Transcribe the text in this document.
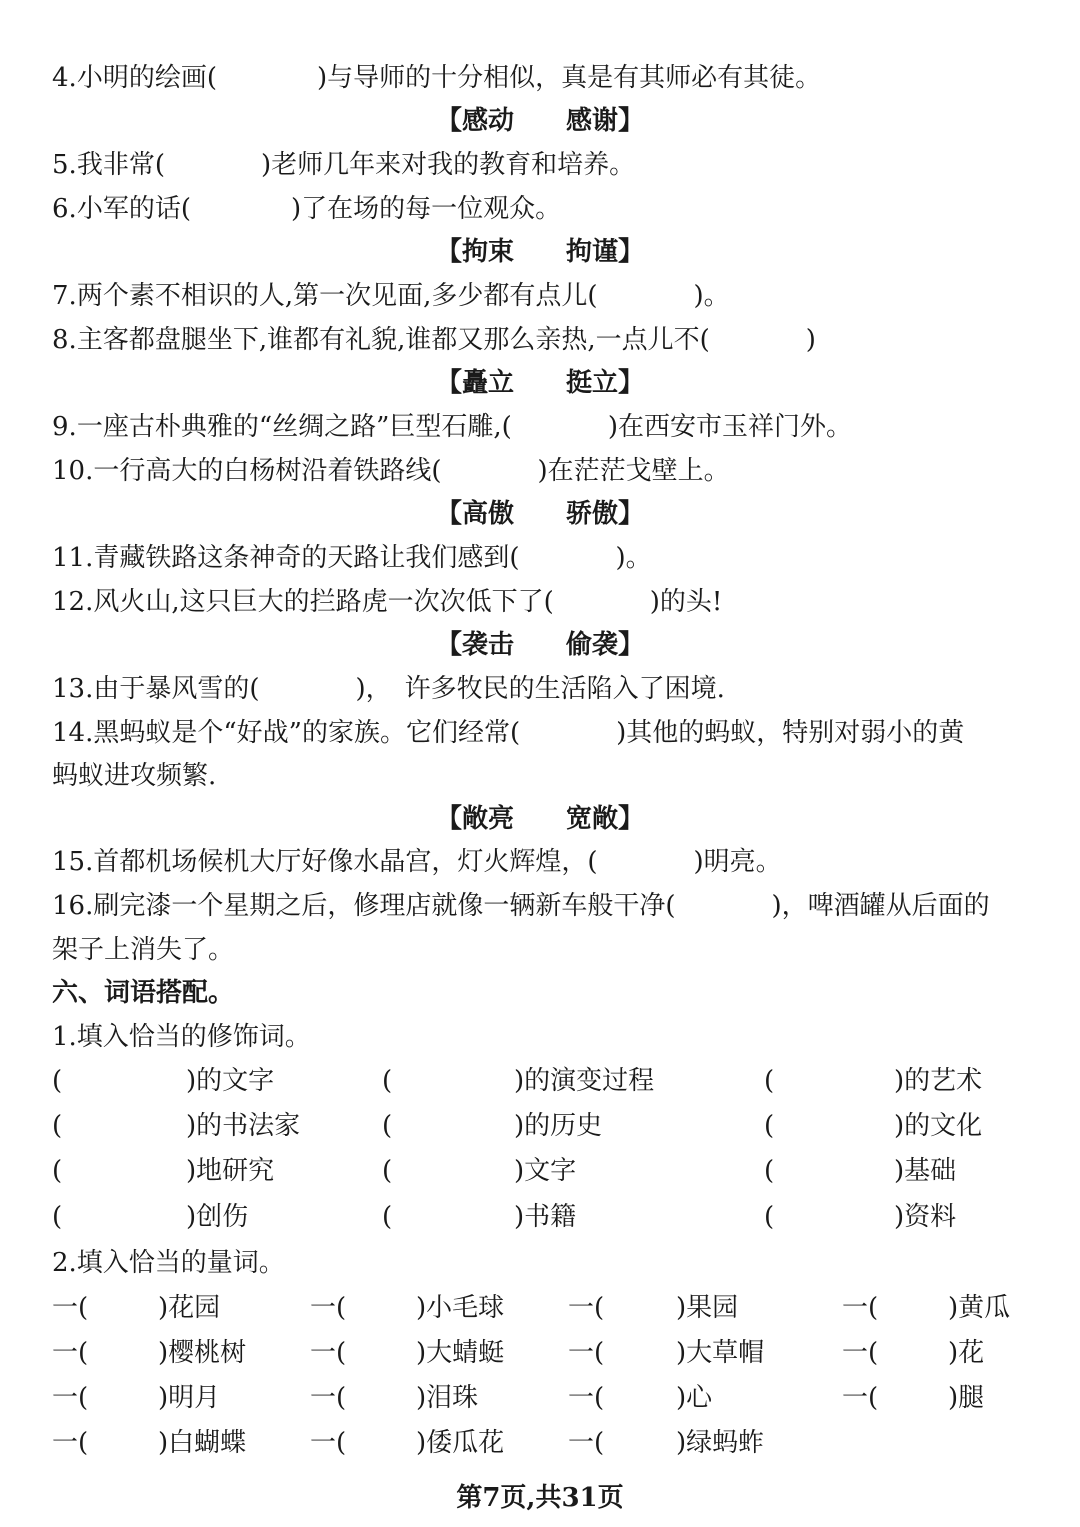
4.小明的绘画(	)与导师的十分相似，真是有其师必有其徒。
【感动　　感谢】
5.我非常(	)老师几年来对我的教育和培养。
6.小军的话(	)了在场的每一位观众。
【拘束　　拘谨】
7.两个素不相识的人,第一次见面,多少都有点儿(	)。
8.主客都盘腿坐下,谁都有礼貌,谁都又那么亲热,一点儿不(	)
【矗立　　挺立】
9.一座古朴典雅的“丝绸之路”巨型石雕,(	)在西安市玉祥门外。
10.一行高大的白杨树沿着铁路线(	)在茫茫戈壁上。
【高傲　　骄傲】
11.青藏铁路这条神奇的天路让我们感到(	)。
12.风火山,这只巨大的拦路虎一次次低下了(	)的头!
【袭击　　偷袭】
13.由于暴风雪的(	)，　许多牧民的生活陷入了困境.
14.黑蚂蚁是个“好战”的家族。它们经常(	)其他的蚂蚁，特别对弱小的黄
蚂蚁进攻频繁.
【敞亮　　宽敞】
15.首都机场候机大厅好像水晶宫，灯火辉煌，(	)明亮。
16.刷完漆一个星期之后，修理店就像一辆新车般干净(	)，啤酒罐从后面的
架子上消失了。
六、词语搭配。
1.填入恰当的修饰词。
(	)的文字	(	)的演变过程	(	)的艺术
(	)的书法家	(	)的历史	(	)的文化
(	)地研究	(	)文字	(	)基础
(	)创伤	(	)书籍	(	)资料
2.填入恰当的量词。
一(	)花园	一(	)小毛球 一(	)果园	一(	)黄瓜
一(	)樱桃树 一(	)大蜻蜓 一(	)大草帽	一(	)花
一(	)明月	一(	)泪珠	一(	)心	一(	)腿
一(	)白蝴蝶 一(	)倭瓜花 一(	)绿蚂蚱
第7页,共31页
